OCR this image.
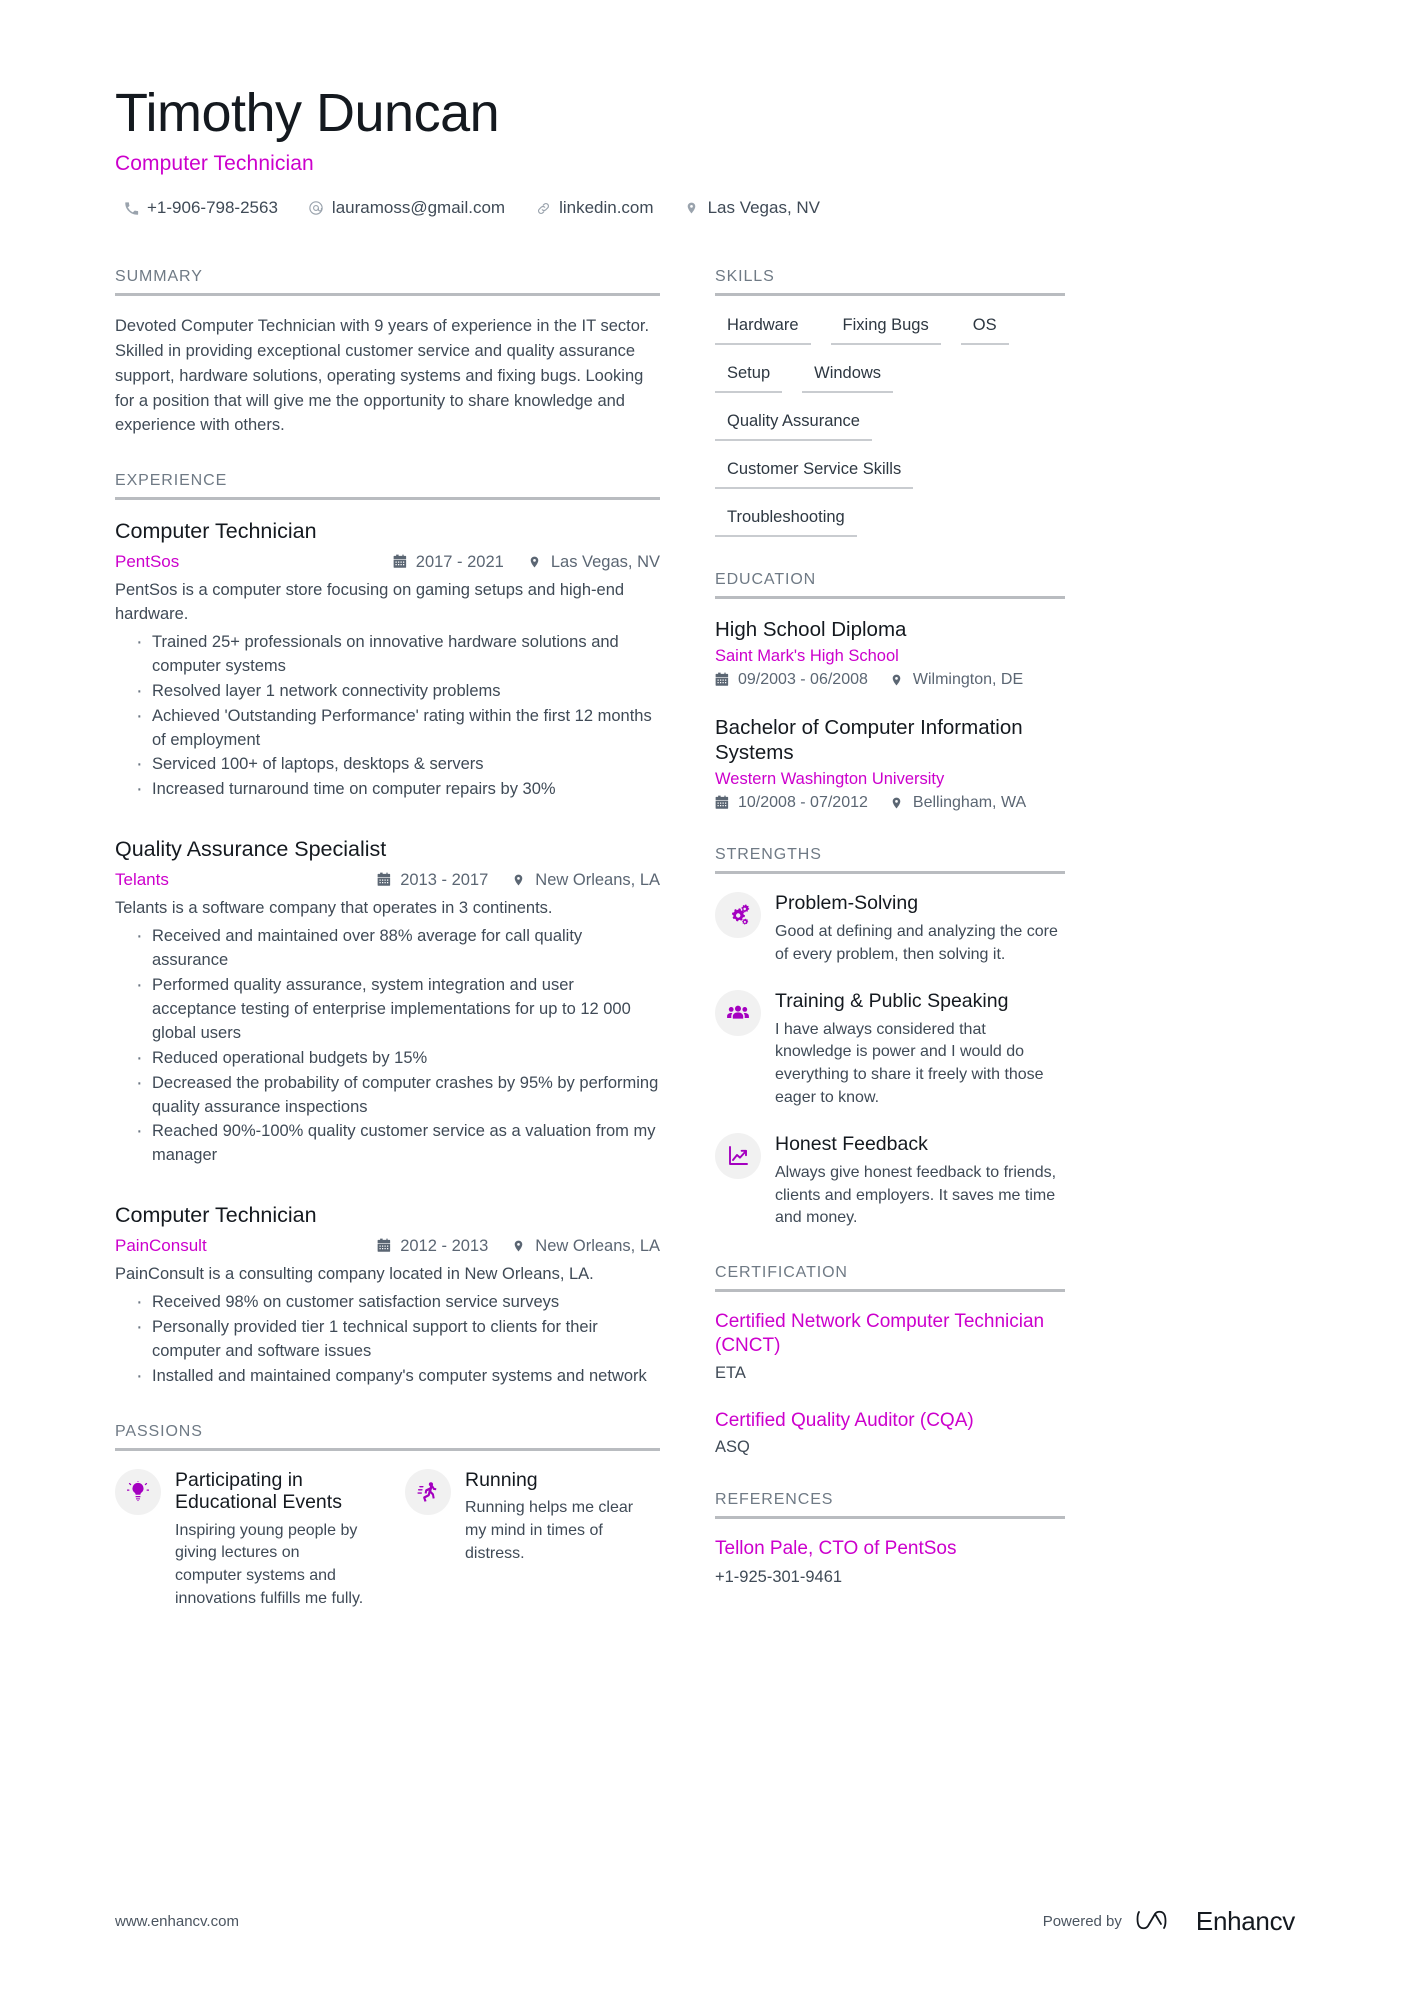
Timothy Duncan
Computer Technician
+1-906-798-2563	lauramoss@gmail.com	linkedin.com	Las Vegas, NV
SUMMARY

Devoted Computer Technician with 9 years of experience in the IT sector. Skilled in providing exceptional customer service and quality assurance support, hardware solutions, operating systems and fixing bugs. Looking for a position that will give me the opportunity to share knowledge and experience with others.

EXPERIENCE
Computer Technician
PentSos	2017 - 2021	Las Vegas, NV
PentSos is a computer store focusing on gaming setups and high-end hardware.
· Trained 25+ professionals on innovative hardware solutions and computer systems
· Resolved layer 1 network connectivity problems
· Achieved 'Outstanding Performance' rating within the first 12 months of employment
· Serviced 100+ of laptops, desktops & servers
· Increased turnaround time on computer repairs by 30%
Quality Assurance Specialist
Telants	2013 - 2017	New Orleans, LA
Telants is a software company that operates in 3 continents.
· Received and maintained over 88% average for call quality assurance
· Performed quality assurance, system integration and user acceptance testing of enterprise implementations for up to 12 000 global users
· Reduced operational budgets by 15%
· Decreased the probability of computer crashes by 95% by performing quality assurance inspections
· Reached 90%-100% quality customer service as a valuation from my manager
Computer Technician
PainConsult	2012 - 2013	New Orleans, LA
PainConsult is a consulting company located in New Orleans, LA.
· Received 98% on customer satisfaction service surveys
· Personally provided tier 1 technical support to clients for their computer and software issues
· Installed and maintained company's computer systems and network
PASSIONS
Participating in Educational Events
Inspiring young people by giving lectures on computer systems and innovations fulfills me fully.
Running
Running helps me clear my mind in times of distress.
SKILLS
Hardware	Fixing Bugs	OS
Setup	Windows
Quality Assurance
Customer Service Skills
Troubleshooting
EDUCATION
High School Diploma
Saint Mark's High School
09/2003 - 06/2008	Wilmington, DE
Bachelor of Computer Information Systems
Western Washington University
10/2008 - 07/2012	Bellingham, WA
STRENGTHS
Problem-Solving
Good at defining and analyzing the core of every problem, then solving it.
Training & Public Speaking
I have always considered that knowledge is power and I would do everything to share it freely with those eager to know.
Honest Feedback
Always give honest feedback to friends, clients and employers. It saves me time and money.
CERTIFICATION
Certified Network Computer Technician (CNCT)
ETA
Certified Quality Auditor (CQA)
ASQ
REFERENCES
Tellon Pale, CTO of PentSos
+1-925-301-9461
www.enhancv.com	Powered by	Enhancv
